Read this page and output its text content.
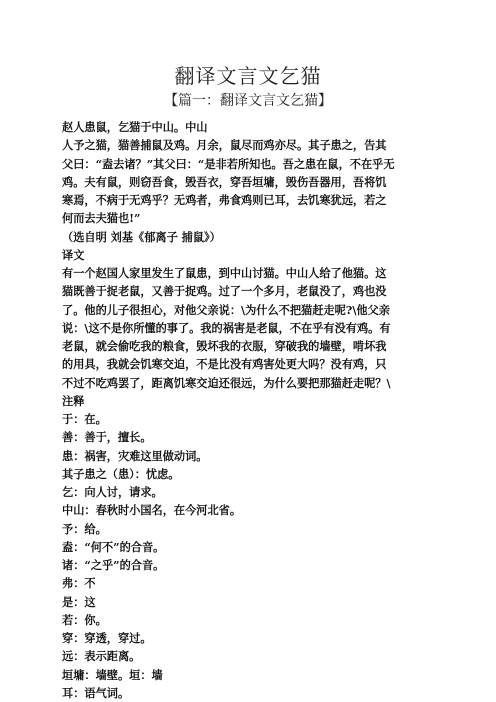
翻译文言文乞猫
【篇一：翻译文言文乞猫】
赵人患鼠，乞猫于中山。中山
人予之猫，猫善捕鼠及鸡。月余，鼠尽而鸡亦尽。其子患之，告其
父曰：“盍去诸？”其父曰：“是非若所知也。吾之患在鼠，不在乎无
鸡。夫有鼠，则窃吾食，毁吾衣，穿吾垣墉，毁伤吾器用，吾将饥
寒焉，不病于无鸡乎？无鸡者，弗食鸡则已耳，去饥寒犹远，若之
何而去夫猫也!”
（选自明 刘基《郁离子 捕鼠》）
译文
有一个赵国人家里发生了鼠患，到中山讨猫。中山人给了他猫。这
猫既善于捉老鼠，又善于捉鸡。过了一个多月，老鼠没了，鸡也没
了。他的儿子很担心，对他父亲说：\为什么不把猫赶走呢?\他父亲
说：\这不是你所懂的事了。我的祸害是老鼠，不在乎有没有鸡。有
老鼠，就会偷吃我的粮食，毁坏我的衣服，穿破我的墙壁，啃坏我
的用具，我就会饥寒交迫，不是比没有鸡害处更大吗？没有鸡，只
不过不吃鸡罢了，距离饥寒交迫还很远，为什么要把那猫赶走呢？\
注释
于：在。
善：善于，擅长。
患：祸害，灾难这里做动词。
其子患之（患）：忧虑。
乞：向人讨，请求。
中山：春秋时小国名，在今河北省。
予：给。
盍：“何不”的合音。
诸：“之乎”的合音。
弗：不
是：这
若：你。
穿：穿透，穿过。
远：表示距离。
垣墉：墙壁。垣：墙
耳：语气词。
